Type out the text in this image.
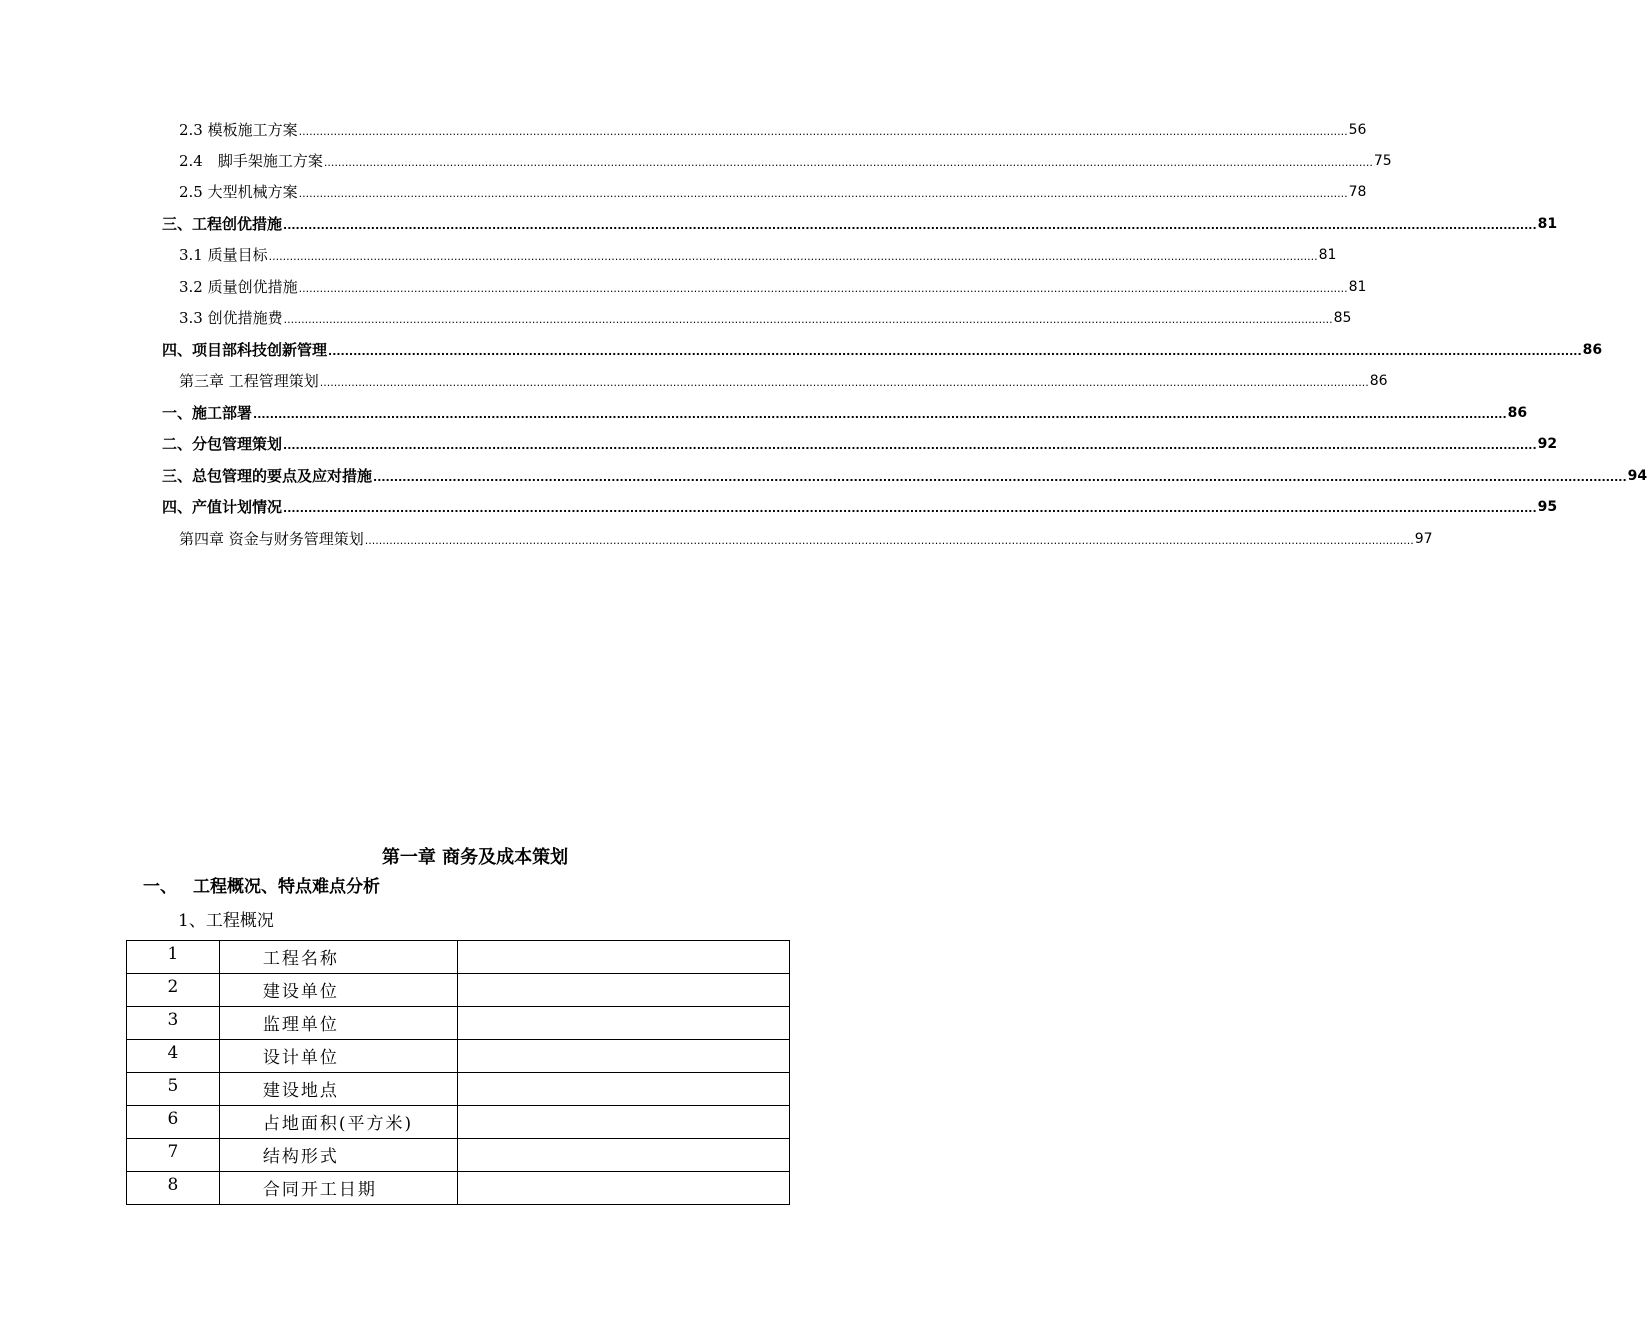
2.3 模板施工方案 ............................................................................................................................................................................................................................................................................................................ 56
2.4　脚手架施工方案 ............................................................................................................................................................................................................................................................................................................ 75
2.5 大型机械方案 ............................................................................................................................................................................................................................................................................................................ 78
三、工程创优措施 ............................................................................................................................................................................................................................................................................................................ 81
3.1 质量目标 ............................................................................................................................................................................................................................................................................................................ 81
3.2 质量创优措施 ............................................................................................................................................................................................................................................................................................................ 81
3.3 创优措施费 ............................................................................................................................................................................................................................................................................................................ 85
四、项目部科技创新管理 ............................................................................................................................................................................................................................................................................................................ 86
第三章 工程管理策划 ............................................................................................................................................................................................................................................................................................................ 86
一、施工部署 ............................................................................................................................................................................................................................................................................................................ 86
二、分包管理策划 ............................................................................................................................................................................................................................................................................................................ 92
三、总包管理的要点及应对措施 ............................................................................................................................................................................................................................................................................................................ 94
四、产值计划情况 ............................................................................................................................................................................................................................................................................................................ 95
第四章 资金与财务管理策划 ............................................................................................................................................................................................................................................................................................................ 97
第一章 商务及成本策划
一、 工程概况、特点难点分析
1、工程概况
1	工程名称	
2	建设单位	
3	监理单位	
4	设计单位	
5	建设地点	
6	占地面积(平方米)	
7	结构形式	
8	合同开工日期	
